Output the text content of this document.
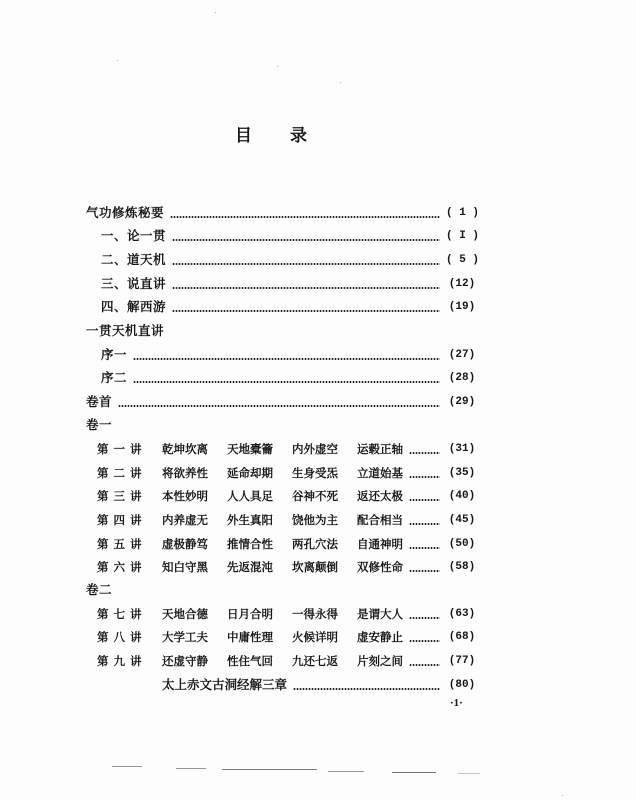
目录
气功修炼秘要	( 1 )
一、论一贯	( I )
二、道天机	( 5 )
三、说直讲	(12)
四、解西游	(19)
一贯天机直讲
序一	(27)
序二	(28)
卷首	(29)
卷一
第一讲 乾坤坎离 天地橐籥 内外虚空 运毂正轴	(31)
第二讲 将欲养性 延命却期 生身受炁 立道始基	(35)
第三讲 本性妙明 人人具足 谷神不死 返还太极	(40)
第四讲 内养虚无 外生真阳 饶他为主 配合相当	(45)
第五讲 虚极静笃 推情合性 两孔穴法 自通神明	(50)
第六讲 知白守黑 先返混沌 坎离颠倒 双修性命	(58)
卷二
第七讲 天地合德 日月合明 一得永得 是谓大人	(63)
第八讲 大学工夫 中庸性理 火候详明 虚安静止	(68)
第九讲 还虚守静 性住气回 九还七返 片刻之间	(77)
太上赤文古洞经解三章	(80)
·1·
